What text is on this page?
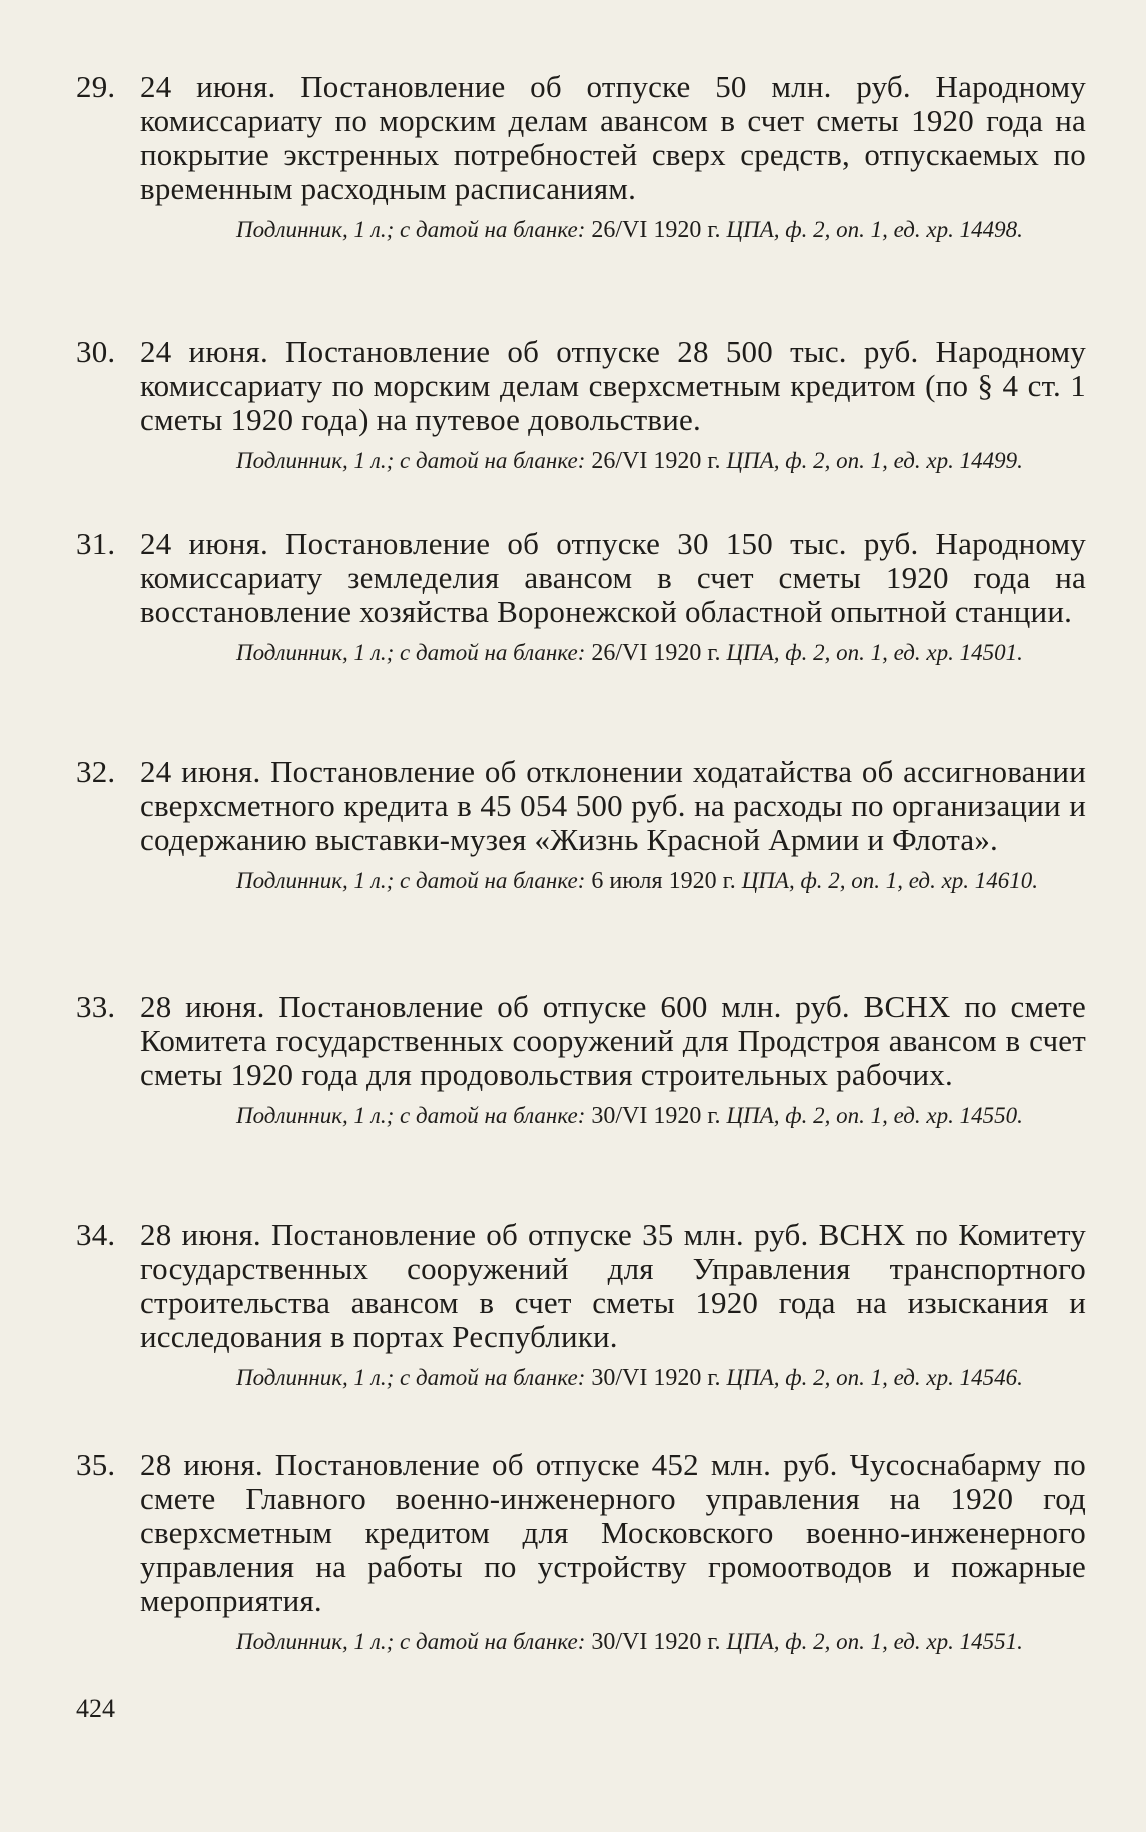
29. 24 июня. Постановление об отпуске 50 млн. руб. Народному комиссариату по морским делам авансом в счет сметы 1920 года на покрытие экстренных потребностей сверх средств, отпускаемых по временным расходным расписаниям.
Подлинник, 1 л.; с датой на бланке: 26/VI 1920 г. ЦПА, ф. 2, оп. 1, ед. хр. 14498.
30. 24 июня. Постановление об отпуске 28 500 тыс. руб. Народному комиссариату по морским делам сверхсметным кредитом (по § 4 ст. 1 сметы 1920 года) на путевое довольствие.
Подлинник, 1 л.; с датой на бланке: 26/VI 1920 г. ЦПА, ф. 2, оп. 1, ед. хр. 14499.
31. 24 июня. Постановление об отпуске 30 150 тыс. руб. Народному комиссариату земледелия авансом в счет сметы 1920 года на восстановление хозяйства Воронежской областной опытной станции.
Подлинник, 1 л.; с датой на бланке: 26/VI 1920 г. ЦПА, ф. 2, оп. 1, ед. хр. 14501.
32. 24 июня. Постановление об отклонении ходатайства об ассигновании сверхсметного кредита в 45 054 500 руб. на расходы по организации и содержанию выставки-музея «Жизнь Красной Армии и Флота».
Подлинник, 1 л.; с датой на бланке: 6 июля 1920 г. ЦПА, ф. 2, оп. 1, ед. хр. 14610.
33. 28 июня. Постановление об отпуске 600 млн. руб. ВСНХ по смете Комитета государственных сооружений для Продстроя авансом в счет сметы 1920 года для продовольствия строительных рабочих.
Подлинник, 1 л.; с датой на бланке: 30/VI 1920 г. ЦПА, ф. 2, оп. 1, ед. хр. 14550.
34. 28 июня. Постановление об отпуске 35 млн. руб. ВСНХ по Комитету государственных сооружений для Управления транспортного строительства авансом в счет сметы 1920 года на изыскания и исследования в портах Республики.
Подлинник, 1 л.; с датой на бланке: 30/VI 1920 г. ЦПА, ф. 2, оп. 1, ед. хр. 14546.
35. 28 июня. Постановление об отпуске 452 млн. руб. Чусоснабарму по смете Главного военно-инженерного управления на 1920 год сверхсметным кредитом для Московского военно-инженерного управления на работы по устройству громоотводов и пожарные мероприятия.
Подлинник, 1 л.; с датой на бланке: 30/VI 1920 г. ЦПА, ф. 2, оп. 1, ед. хр. 14551.
424
